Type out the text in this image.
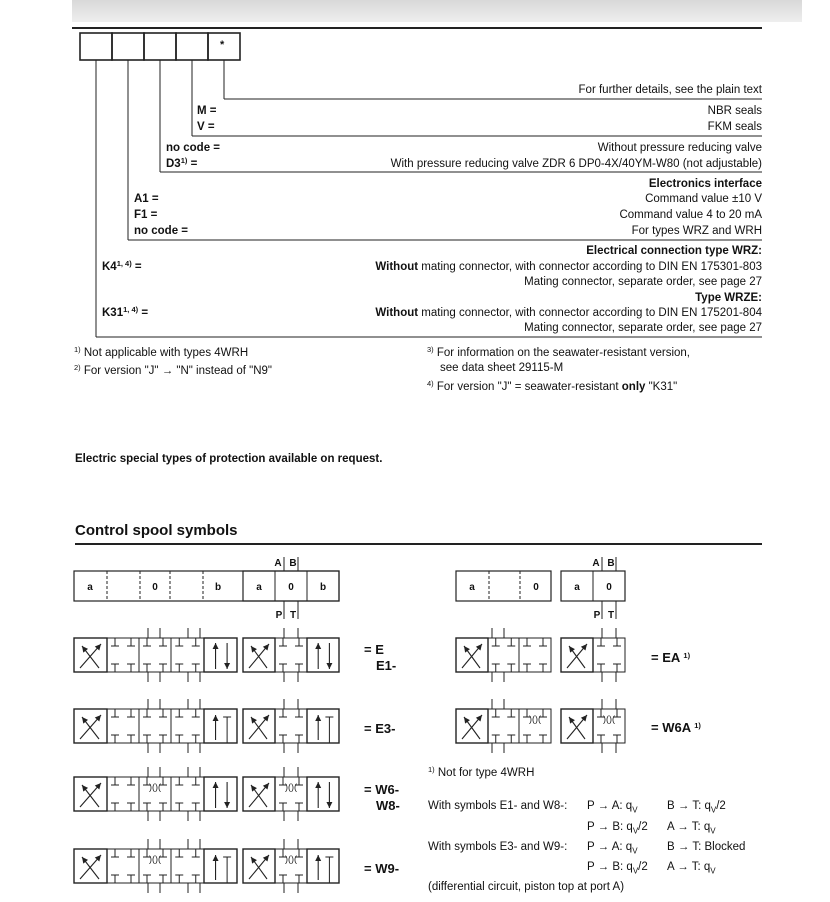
*
For further details, see the plain text
M =	NBR seals
V =	FKM seals
no code =	Without pressure reducing valve
$D3^{1)}$ =	With pressure reducing valve ZDR 6 DP0-4X/40YM-W80 (not adjustable)
Electronics interface
A1 =	Command value ±10 V
F1 =	Command value 4 to 20 mA
no code =	For types WRZ and WRH
Electrical connection type WRZ:
$K4^{1, 4)}$ =	Without mating connector, with connector according to DIN EN 175301-803
Mating connector, separate order, see page 27
Type WRZE:
$K31^{1, 4)}$ =	Without mating connector, with connector according to DIN EN 175201-804
Mating connector, separate order, see page 27
$^{1)}$ Not applicable with types 4WRH
$^{2)}$ For version "J" → "N" instead of "N9"
$^{3)}$ For information on the seawater-resistant version,
see data sheet 29115-M
$^{4)}$ For version "J" = seawater-resistant only "K31"
Electric special types of protection available on request.
Control spool symbols
a	0	b	a	0	b
A B
P T
a	0	a	0
A B
P T
)()(	)()(
)()(	)()(
)()(	)()(
= E
E1-
= E3-
= W6-
W8-
= W9-
= EA $^{1)}$
= W6A $^{1)}$
$^{1)}$ Not for type 4WRH
With symbols E1- and W8-: P → A: $q_V$	B → T: $q_V/2$
P → B: $q_V/2$ A → T: $q_V$
With symbols E3- and W9-: P → A: $q_V$	B → T: Blocked
P → B: $q_V/2$ A → T: $q_V$
(differential circuit, piston top at port A)
